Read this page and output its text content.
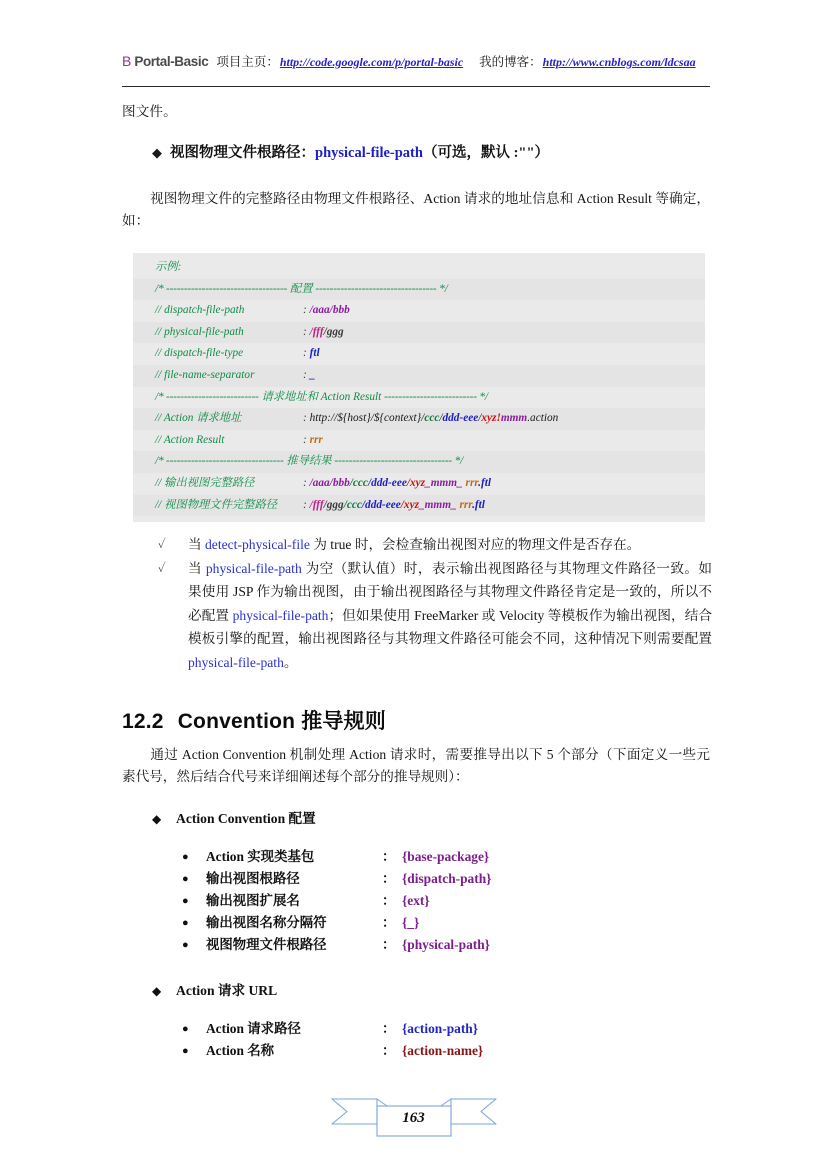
B Portal-Basic 项目主页： http://code.google.com/p/portal-basic 我的博客： http://www.cnblogs.com/ldcsaa
图文件。
◆ 视图物理文件根路径：physical-file-path（可选，默认 :""）
视图物理文件的完整路径由物理文件根路径、Action 请求的地址信息和 Action Result 等确定，如：
示例:
/* ---------------------------------- 配置 ---------------------------------- */
// dispatch-file-path	: /aaa/bbb
// physical-file-path	: /fff/ggg
// dispatch-file-type	: ftl
// file-name-separator	: _
/* -------------------------- 请求地址和 Action Result -------------------------- */
// Action 请求地址	: http://${host}/${context}/ccc/ddd-eee/xyz!mmm.action
// Action Result	: rrr
/* --------------------------------- 推导结果 --------------------------------- */
// 输出视图完整路径	: /aaa/bbb/ccc/ddd-eee/xyz_mmm_ rrr.ftl
// 视图物理文件完整路径 : /fff/ggg/ccc/ddd-eee/xyz_mmm_ rrr.ftl
✓ 当 detect-physical-file 为 true 时，会检查输出视图对应的物理文件是否存在。
✓ 当 physical-file-path 为空（默认值）时，表示输出视图路径与其物理文件路径一致。如果使用 JSP 作为输出视图，由于输出视图路径与其物理文件路径肯定是一致的，所以不必配置 physical-file-path；但如果使用 FreeMarker 或 Velocity 等模板作为输出视图，结合模板引擎的配置，输出视图路径与其物理文件路径可能会不同，这种情况下则需要配置 physical-file-path。
12.2 Convention 推导规则
通过 Action Convention 机制处理 Action 请求时，需要推导出以下 5 个部分（下面定义一些元素代号，然后结合代号来详细阐述每个部分的推导规则）：
◆ Action Convention 配置
● Action 实现类基包	： {base-package}
● 输出视图根路径	： {dispatch-path}
● 输出视图扩展名	： {ext}
● 输出视图名称分隔符	： {_}
● 视图物理文件根路径	： {physical-path}
◆ Action 请求 URL
● Action 请求路径	： {action-path}
● Action 名称	： {action-name}
163
